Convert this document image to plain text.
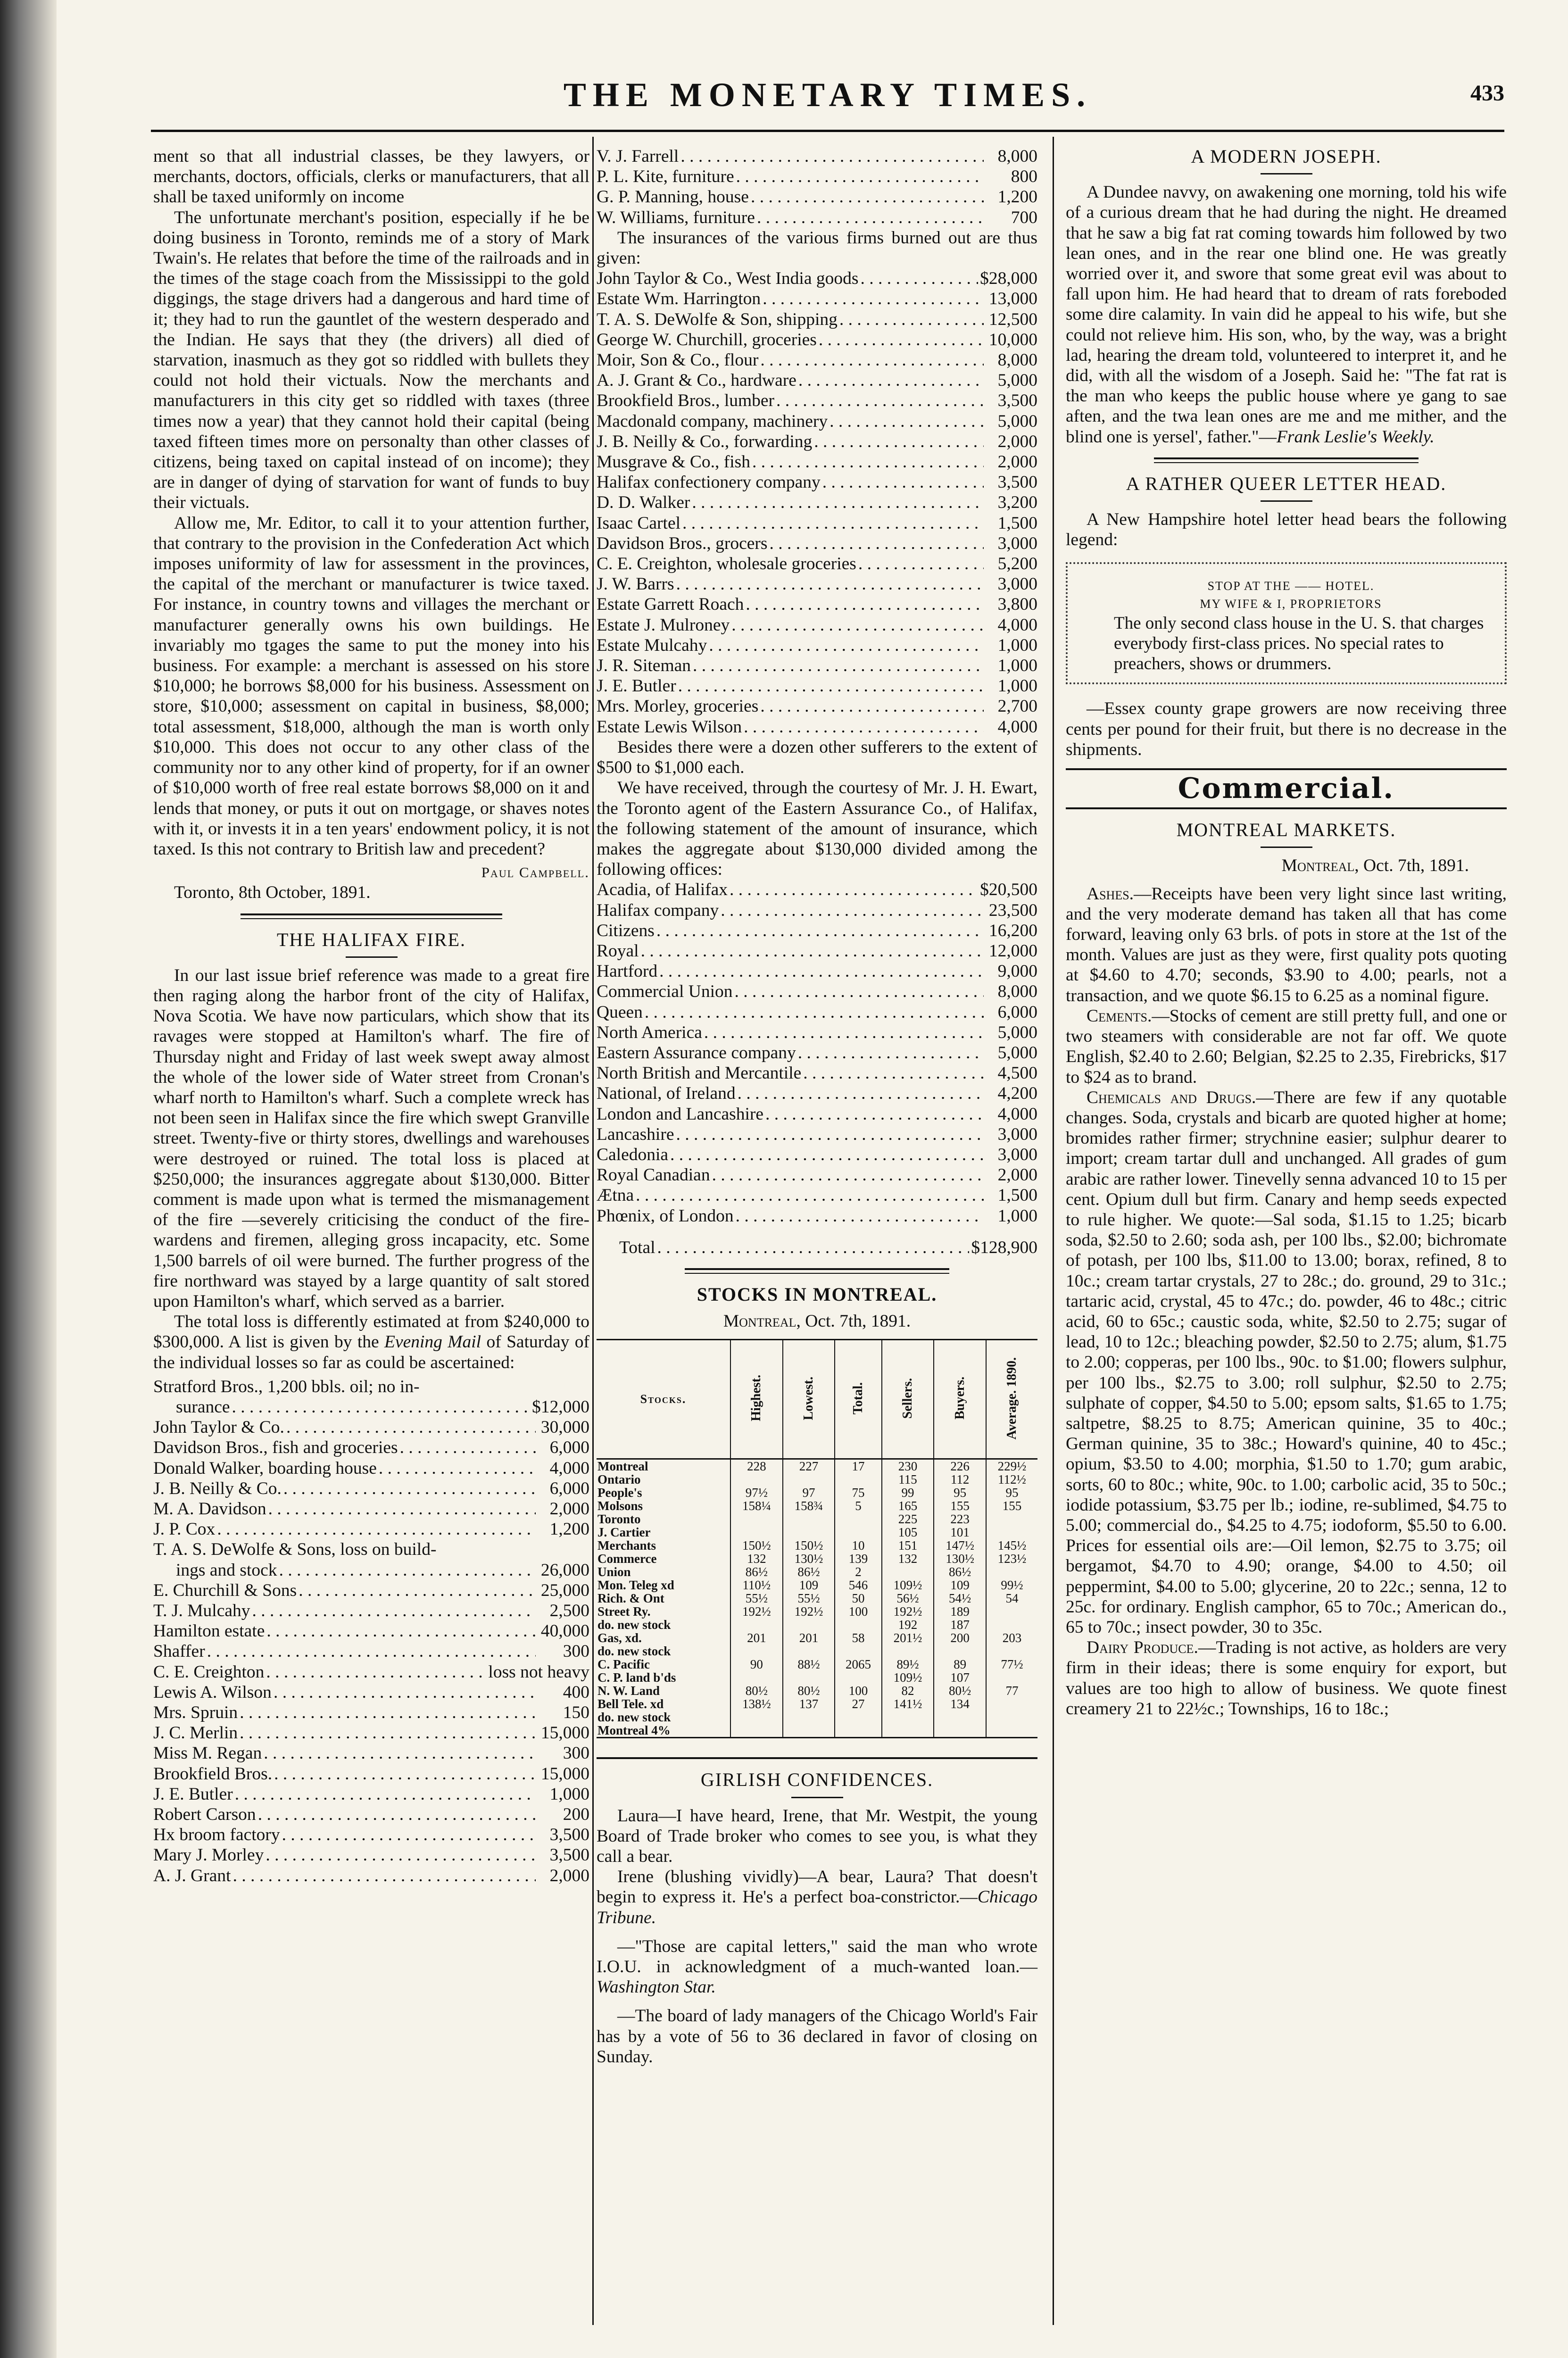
THE MONETARY TIMES.	433

ment so that all industrial classes, be they lawyers, or merchants, doctors, officials, clerks or manufacturers, that all shall be taxed uniformly on income

The unfortunate merchant's position, especially if he be doing business in Toronto, reminds me of a story of Mark Twain's. He relates that before the time of the railroads and in the times of the stage coach from the Mississippi to the gold diggings, the stage drivers had a dangerous and hard time of it; they had to run the gauntlet of the western desperado and the Indian. He says that they (the drivers) all died of starvation, inasmuch as they got so riddled with bullets they could not hold their victuals. Now the merchants and manufacturers in this city get so riddled with taxes (three times now a year) that they cannot hold their capital (being taxed fifteen times more on personalty than other classes of citizens, being taxed on capital instead of on income); they are in danger of dying of starvation for want of funds to buy their victuals.

Allow me, Mr. Editor, to call it to your attention further, that contrary to the provision in the Confederation Act which imposes uniformity of law for assessment in the provinces, the capital of the merchant or manufacturer is twice taxed. For instance, in country towns and villages the merchant or manufacturer generally owns his own buildings. He invariably mo tgages the same to put the money into his business. For example: a merchant is assessed on his store $10,000; he borrows $8,000 for his business. Assessment on store, $10,000; assessment on capital in business, $8,000; total assessment, $18,000, although the man is worth only $10,000. This does not occur to any other class of the community nor to any other kind of property, for if an owner of $10,000 worth of free real estate borrows $8,000 on it and lends that money, or puts it out on mortgage, or shaves notes with it, or invests it in a ten years' endowment policy, it is not taxed. Is this not contrary to British law and precedent?

Paul Campbell.

Toronto, 8th October, 1891.

THE HALIFAX FIRE.

In our last issue brief reference was made to a great fire then raging along the harbor front of the city of Halifax, Nova Scotia. We have now particulars, which show that its ravages were stopped at Hamilton's wharf. The fire of Thursday night and Friday of last week swept away almost the whole of the lower side of Water street from Cronan's wharf north to Hamilton's wharf. Such a complete wreck has not been seen in Halifax since the fire which swept Granville street. Twenty-five or thirty stores, dwellings and warehouses were destroyed or ruined. The total loss is placed at $250,000; the insurances aggregate about $130,000. Bitter comment is made upon what is termed the mismanagement of the fire —severely criticising the conduct of the fire-wardens and firemen, alleging gross incapacity, etc. Some 1,500 barrels of oil were burned. The further progress of the fire northward was stayed by a large quantity of salt stored upon Hamilton's wharf, which served as a barrier.

The total loss is differently estimated at from $240,000 to $300,000. A list is given by the Evening Mail of Saturday of the individual losses so far as could be ascertained:

Stratford Bros., 1,200 bbls. oil; no in-

surance . . .	$12,000
John Taylor & Co. . . .	30,000
Davidson Bros., fish and groceries . . .	6,000
Donald Walker, boarding house . . .	4,000
J. B. Neilly & Co. . . .	6,000
M. A. Davidson . . .	2,000
J. P. Cox . . .	1,200
T. A. S. DeWolfe & Sons, loss on build-
ings and stock . . .	26,000
E. Churchill & Sons . . .	25,000
T. J. Mulcahy . . .	2,500
Hamilton estate . . .	40,000
Shaffer . . .	300
C. E. Creighton . . .	loss not heavy
Lewis A. Wilson . . .	400
Mrs. Spruin . . .	150
J. C. Merlin . . .	15,000
Miss M. Regan . . .	300
Brookfield Bros. . . .	15,000
J. E. Butler . . .	1,000
Robert Carson . . .	200
Hx broom factory . . .	3,500
Mary J. Morley . . .	3,500
A. J. Grant . . .	2,000
V. J. Farrell . . .	8,000
P. L. Kite, furniture . . .	800
G. P. Manning, house . . .	1,200
W. Williams, furniture . . .	700

The insurances of the various firms burned out are thus given:

John Taylor & Co., West India goods . . .	$28,000
Estate Wm. Harrington . . .	13,000
T. A. S. DeWolfe & Son, shipping . . .	12,500
George W. Churchill, groceries . . .	10,000
Moir, Son & Co., flour . . .	8,000
A. J. Grant & Co., hardware . . .	5,000
Brookfield Bros., lumber . . .	3,500
Macdonald company, machinery . . .	5,000
J. B. Neilly & Co., forwarding . . .	2,000
Musgrave & Co., fish . . .	2,000
Halifax confectionery company . . .	3,500
D. D. Walker . . .	3,200
Isaac Cartel . . .	1,500
Davidson Bros., grocers . . .	3,000
C. E. Creighton, wholesale groceries . . .	5,200
J. W. Barrs . . .	3,000
Estate Garrett Roach . . .	3,800
Estate J. Mulroney . . .	4,000
Estate Mulcahy . . .	1,000
J. R. Siteman . . .	1,000
J. E. Butler . . .	1,000
Mrs. Morley, groceries . . .	2,700
Estate Lewis Wilson . . .	4,000

Besides there were a dozen other sufferers to the extent of $500 to $1,000 each.

We have received, through the courtesy of Mr. J. H. Ewart, the Toronto agent of the Eastern Assurance Co., of Halifax, the following statement of the amount of insurance, which makes the aggregate about $130,000 divided among the following offices:

Acadia, of Halifax . . .	$20,500
Halifax company . . .	23,500
Citizens . . .	16,200
Royal . . .	12,000
Hartford . . .	9,000
Commercial Union . . .	8,000
Queen . . .	6,000
North America . . .	5,000
Eastern Assurance company . . .	5,000
North British and Mercantile . . .	4,500
National, of Ireland . . .	4,200
London and Lancashire . . .	4,000
Lancashire . . .	3,000
Caledonia . . .	3,000
Royal Canadian . . .	2,000
Ætna . . .	1,500
Phœnix, of London . . .	1,000
Total . . .	$128,900
STOCKS IN MONTREAL.
Montreal, Oct. 7th, 1891.
Stocks.	Highest.	Lowest.	Total.	Sellers.	Buyers.	Average. 1890.
Montreal	228	227	17	230	226	229½
Ontario				115	112	112½
People's	97½	97	75	99	95	95
Molsons	158¼	158¾	5	165	155	155
Toronto				225	223	
J. Cartier				105	101	
Merchants	150½	150½	10	151	147½	145½
Commerce	132	130½	139	132	130½	123½
Union	86½	86½	2		86½	
Mon. Teleg xd	110½	109	546	109½	109	99½
Rich. & Ont	55½	55½	50	56½	54½	54
Street Ry.	192½	192½	100	192½	189	
do. new stock				192	187	
Gas, xd.	201	201	58	201½	200	203
do. new stock						
C. Pacific	90	88½	2065	89½	89	77½
C. P. land b'ds				109½	107	
N. W. Land	80½	80½	100	82	80½	77
Bell Tele. xd	138½	137	27	141½	134	
do. new stock						
Montreal 4%						
GIRLISH CONFIDENCES.

Laura—I have heard, Irene, that Mr. Westpit, the young Board of Trade broker who comes to see you, is what they call a bear.

Irene (blushing vividly)—A bear, Laura? That doesn't begin to express it. He's a perfect boa-constrictor.—Chicago Tribune.

—"Those are capital letters," said the man who wrote I.O.U. in acknowledgment of a much-wanted loan.—Washington Star.

—The board of lady managers of the Chicago World's Fair has by a vote of 56 to 36 declared in favor of closing on Sunday.

A MODERN JOSEPH.

A Dundee navvy, on awakening one morning, told his wife of a curious dream that he had during the night. He dreamed that he saw a big fat rat coming towards him followed by two lean ones, and in the rear one blind one. He was greatly worried over it, and swore that some great evil was about to fall upon him. He had heard that to dream of rats foreboded some dire calamity. In vain did he appeal to his wife, but she could not relieve him. His son, who, by the way, was a bright lad, hearing the dream told, volunteered to interpret it, and he did, with all the wisdom of a Joseph. Said he: "The fat rat is the man who keeps the public house where ye gang to sae aften, and the twa lean ones are me and me mither, and the blind one is yersel', father."—Frank Leslie's Weekly.

A RATHER QUEER LETTER HEAD.

A New Hampshire hotel letter head bears the following legend:

STOP AT THE —— HOTEL.
MY WIFE & I, PROPRIETORS
The only second class house in the U. S. that charges everybody first-class prices. No special rates to preachers, shows or drummers.

—Essex county grape growers are now receiving three cents per pound for their fruit, but there is no decrease in the shipments.

Commercial.
MONTREAL MARKETS.
Montreal, Oct. 7th, 1891.

Ashes.—Receipts have been very light since last writing, and the very moderate demand has taken all that has come forward, leaving only 63 brls. of pots in store at the 1st of the month. Values are just as they were, first quality pots quoting at $4.60 to 4.70; seconds, $3.90 to 4.00; pearls, not a transaction, and we quote $6.15 to 6.25 as a nominal figure.

Cements.—Stocks of cement are still pretty full, and one or two steamers with considerable are not far off. We quote English, $2.40 to 2.60; Belgian, $2.25 to 2.35, Firebricks, $17 to $24 as to brand.

Chemicals and Drugs.—There are few if any quotable changes. Soda, crystals and bicarb are quoted higher at home; bromides rather firmer; strychnine easier; sulphur dearer to import; cream tartar dull and unchanged. All grades of gum arabic are rather lower. Tinevelly senna advanced 10 to 15 per cent. Opium dull but firm. Canary and hemp seeds expected to rule higher. We quote:—Sal soda, $1.15 to 1.25; bicarb soda, $2.50 to 2.60; soda ash, per 100 lbs., $2.00; bichromate of potash, per 100 lbs, $11.00 to 13.00; borax, refined, 8 to 10c.; cream tartar crystals, 27 to 28c.; do. ground, 29 to 31c.; tartaric acid, crystal, 45 to 47c.; do. powder, 46 to 48c.; citric acid, 60 to 65c.; caustic soda, white, $2.50 to 2.75; sugar of lead, 10 to 12c.; bleaching powder, $2.50 to 2.75; alum, $1.75 to 2.00; copperas, per 100 lbs., 90c. to $1.00; flowers sulphur, per 100 lbs., $2.75 to 3.00; roll sulphur, $2.50 to 2.75; sulphate of copper, $4.50 to 5.00; epsom salts, $1.65 to 1.75; saltpetre, $8.25 to 8.75; American quinine, 35 to 40c.; German quinine, 35 to 38c.; Howard's quinine, 40 to 45c.; opium, $3.50 to 4.00; morphia, $1.50 to 1.70; gum arabic, sorts, 60 to 80c.; white, 90c. to 1.00; carbolic acid, 35 to 50c.; iodide potassium, $3.75 per lb.; iodine, re-sublimed, $4.75 to 5.00; commercial do., $4.25 to 4.75; iodoform, $5.50 to 6.00. Prices for essential oils are:—Oil lemon, $2.75 to 3.75; oil bergamot, $4.70 to 4.90; orange, $4.00 to 4.50; oil peppermint, $4.00 to 5.00; glycerine, 20 to 22c.; senna, 12 to 25c. for ordinary. English camphor, 65 to 70c.; American do., 65 to 70c.; insect powder, 30 to 35c.

Dairy Produce.—Trading is not active, as holders are very firm in their ideas; there is some enquiry for export, but values are too high to allow of business. We quote finest creamery 21 to 22½c.; Townships, 16 to 18c.;
